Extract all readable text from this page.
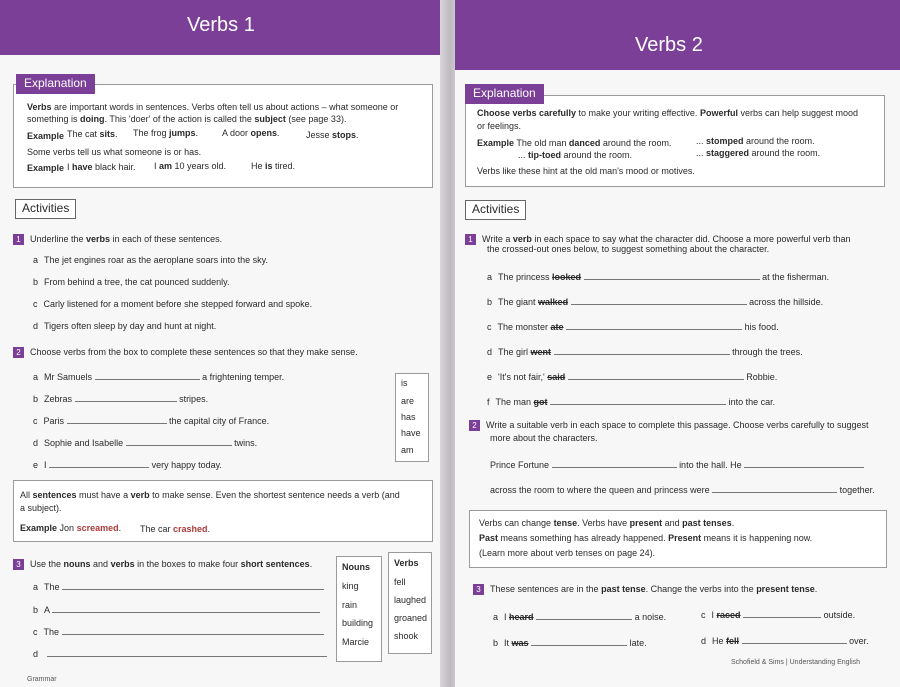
Verbs 1
Explanation
Verbs are important words in sentences. Verbs often tell us about actions – what someone or
something is doing. This 'doer' of the action is called the subject (see page 33).
Example The cat sits. The frog jumps.	A door opens.	Jesse stops.
Some verbs tell us what someone is or has.
Example I have black hair. I am 10 years old.	He is tired.
Activities
1 Underline the verbs in each of these sentences.
a The jet engines roar as the aeroplane soars into the sky.
b From behind a tree, the cat pounced suddenly.
c Carly listened for a moment before she stepped forward and spoke.
d Tigers often sleep by day and hunt at night.
2 Choose verbs from the box to complete these sentences so that they make sense.
a Mr Samuels	a frightening temper.
b Zebras	stripes.
c Paris	the capital city of France.
d Sophie and Isabelle	twins.
e I	very happy today.
is
are
has
have
am
All sentences must have a verb to make sense. Even the shortest sentence needs a verb (and
a subject).
Example Jon screamed. The car crashed.
3 Use the nouns and verbs in the boxes to make four short sentences.
a The
b A
c The
d
Nouns
king
rain
building
Marcie
Verbs
fell
laughed
groaned
shook
Grammar
Verbs 2
Explanation
Choose verbs carefully to make your writing effective. Powerful verbs can help suggest mood
or feelings.
Example The old man danced around the room.	... stomped around the room.
... tip-toed around the room.	... staggered around the room.
Verbs like these hint at the old man's mood or motives.
Activities
1 Write a verb in each space to say what the character did. Choose a more powerful verb than
the crossed-out ones below, to suggest something about the character.
a The princess looked	at the fisherman.
b The giant walked	across the hillside.
c The monster ate	his food.
d The girl went	through the trees.
e 'It's not fair,' said	Robbie.
f The man got	into the car.
2 Write a suitable verb in each space to complete this passage. Choose verbs carefully to suggest
more about the characters.
Prince Fortune	into the hall. He
across the room to where the queen and princess were	together.
Verbs can change tense. Verbs have present and past tenses.
Past means something has already happened. Present means it is happening now.
(Learn more about verb tenses on page 24).
3 These sentences are in the past tense. Change the verbs into the present tense.
a I heard	a noise.	c I raced	outside.
b It was	late.	d He fell	over.
Schofield & Sims | Understanding English
